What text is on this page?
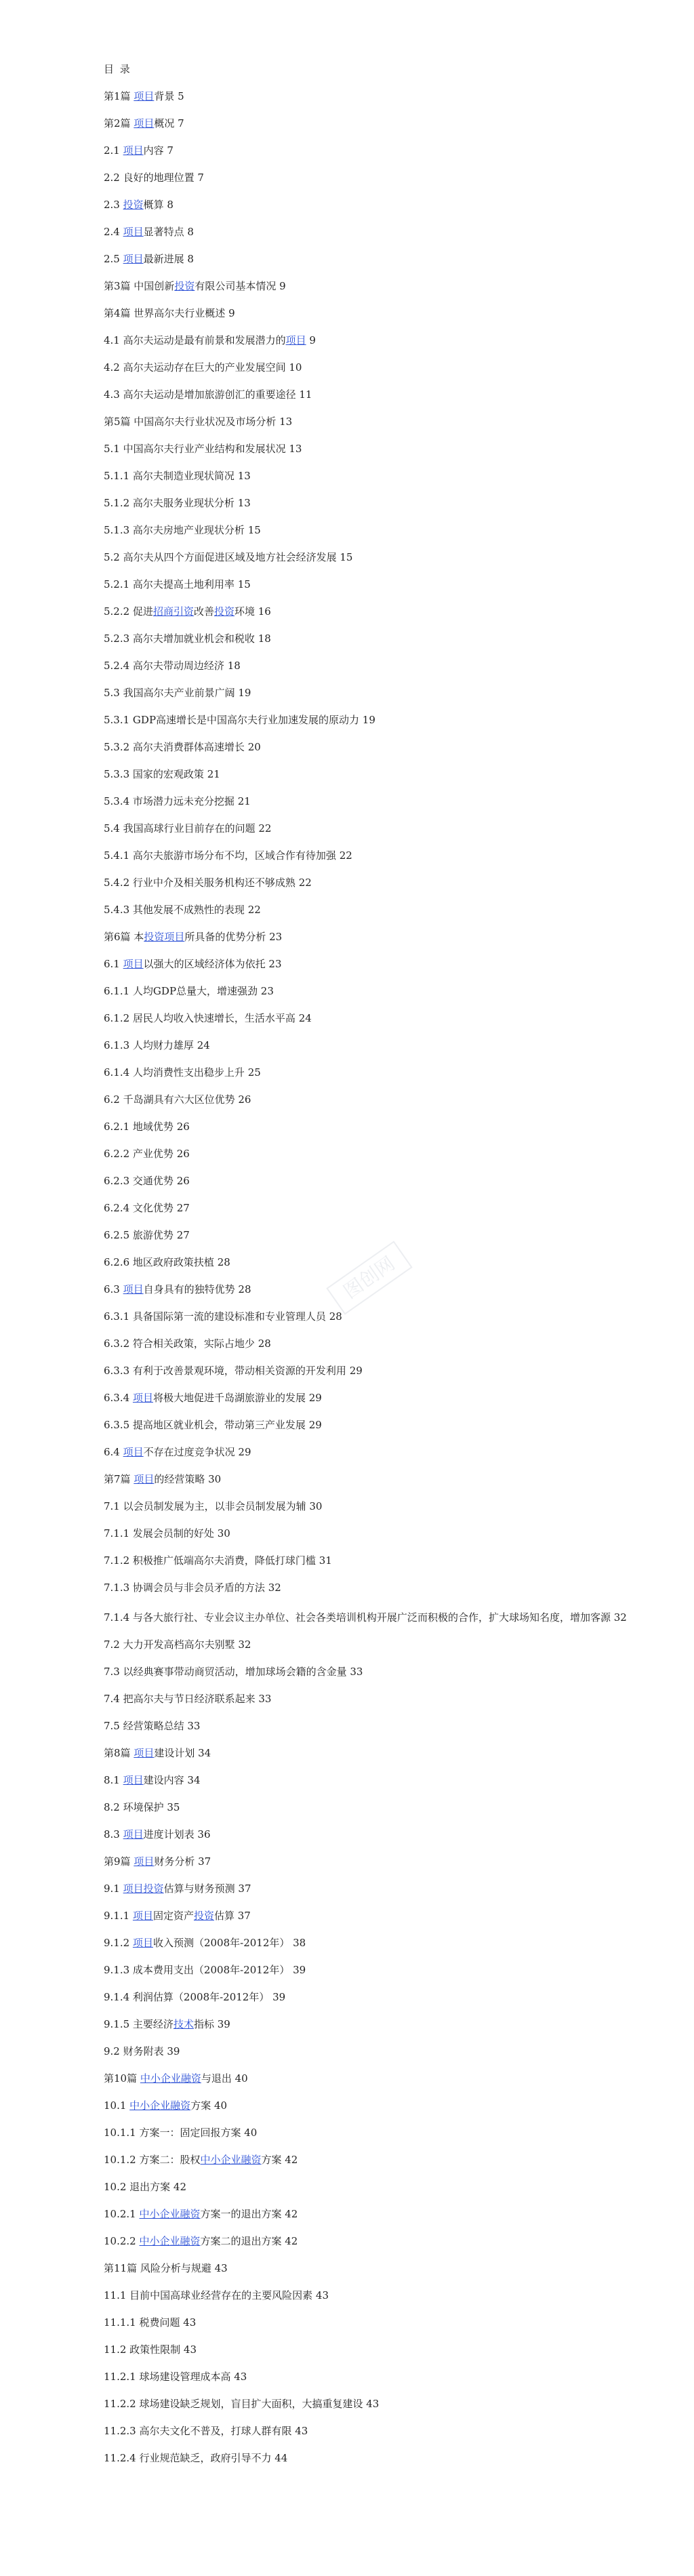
目 录
第1篇 项目背景 5
第2篇 项目概况 7
2.1 项目内容 7
2.2 良好的地理位置 7
2.3 投资概算 8
2.4 项目显著特点 8
2.5 项目最新进展 8
第3篇 中国创新投资有限公司基本情况 9
第4篇 世界高尔夫行业概述 9
4.1 高尔夫运动是最有前景和发展潜力的项目 9
4.2 高尔夫运动存在巨大的产业发展空间 10
4.3 高尔夫运动是增加旅游创汇的重要途径 11
第5篇 中国高尔夫行业状况及市场分析 13
5.1 中国高尔夫行业产业结构和发展状况 13
5.1.1 高尔夫制造业现状简况 13
5.1.2 高尔夫服务业现状分析 13
5.1.3 高尔夫房地产业现状分析 15
5.2 高尔夫从四个方面促进区域及地方社会经济发展 15
5.2.1 高尔夫提高土地利用率 15
5.2.2 促进招商引资改善投资环境 16
5.2.3 高尔夫增加就业机会和税收 18
5.2.4 高尔夫带动周边经济 18
5.3 我国高尔夫产业前景广阔 19
5.3.1 GDP高速增长是中国高尔夫行业加速发展的原动力 19
5.3.2 高尔夫消费群体高速增长 20
5.3.3 国家的宏观政策 21
5.3.4 市场潜力远未充分挖掘 21
5.4 我国高球行业目前存在的问题 22
5.4.1 高尔夫旅游市场分布不均，区域合作有待加强 22
5.4.2 行业中介及相关服务机构还不够成熟 22
5.4.3 其他发展不成熟性的表现 22
第6篇 本投资项目所具备的优势分析 23
6.1 项目以强大的区域经济体为依托 23
6.1.1 人均GDP总量大，增速强劲 23
6.1.2 居民人均收入快速增长，生活水平高 24
6.1.3 人均财力雄厚 24
6.1.4 人均消费性支出稳步上升 25
6.2 千岛湖具有六大区位优势 26
6.2.1 地域优势 26
6.2.2 产业优势 26
6.2.3 交通优势 26
6.2.4 文化优势 27
6.2.5 旅游优势 27
6.2.6 地区政府政策扶植 28
6.3 项目自身具有的独特优势 28
6.3.1 具备国际第一流的建设标准和专业管理人员 28
6.3.2 符合相关政策，实际占地少 28
6.3.3 有利于改善景观环境，带动相关资源的开发利用 29
6.3.4 项目将极大地促进千岛湖旅游业的发展 29
6.3.5 提高地区就业机会，带动第三产业发展 29
6.4 项目不存在过度竞争状况 29
第7篇 项目的经营策略 30
7.1 以会员制发展为主，以非会员制发展为辅 30
7.1.1 发展会员制的好处 30
7.1.2 积极推广低端高尔夫消费，降低打球门槛 31
7.1.3 协调会员与非会员矛盾的方法 32
7.1.4 与各大旅行社、专业会议主办单位、社会各类培训机构开展广泛而积极的合作，扩大球场知名度，增加客源 32
7.2 大力开发高档高尔夫别墅 32
7.3 以经典赛事带动商贸活动，增加球场会籍的含金量 33
7.4 把高尔夫与节日经济联系起来 33
7.5 经营策略总结 33
第8篇 项目建设计划 34
8.1 项目建设内容 34
8.2 环境保护 35
8.3 项目进度计划表 36
第9篇 项目财务分析 37
9.1 项目投资估算与财务预测 37
9.1.1 项目固定资产投资估算 37
9.1.2 项目收入预测（2008年-2012年） 38
9.1.3 成本费用支出（2008年-2012年） 39
9.1.4 利润估算（2008年-2012年） 39
9.1.5 主要经济技术指标 39
9.2 财务附表 39
第10篇 中小企业融资与退出 40
10.1 中小企业融资方案 40
10.1.1 方案一：固定回报方案 40
10.1.2 方案二：股权中小企业融资方案 42
10.2 退出方案 42
10.2.1 中小企业融资方案一的退出方案 42
10.2.2 中小企业融资方案二的退出方案 42
第11篇 风险分析与规避 43
11.1 目前中国高球业经营存在的主要风险因素 43
11.1.1 税费问题 43
11.2 政策性限制 43
11.2.1 球场建设管理成本高 43
11.2.2 球场建设缺乏规划，盲目扩大面积，大搞重复建设 43
11.2.3 高尔夫文化不普及，打球人群有限 43
11.2.4 行业规范缺乏，政府引导不力 44
图创网
